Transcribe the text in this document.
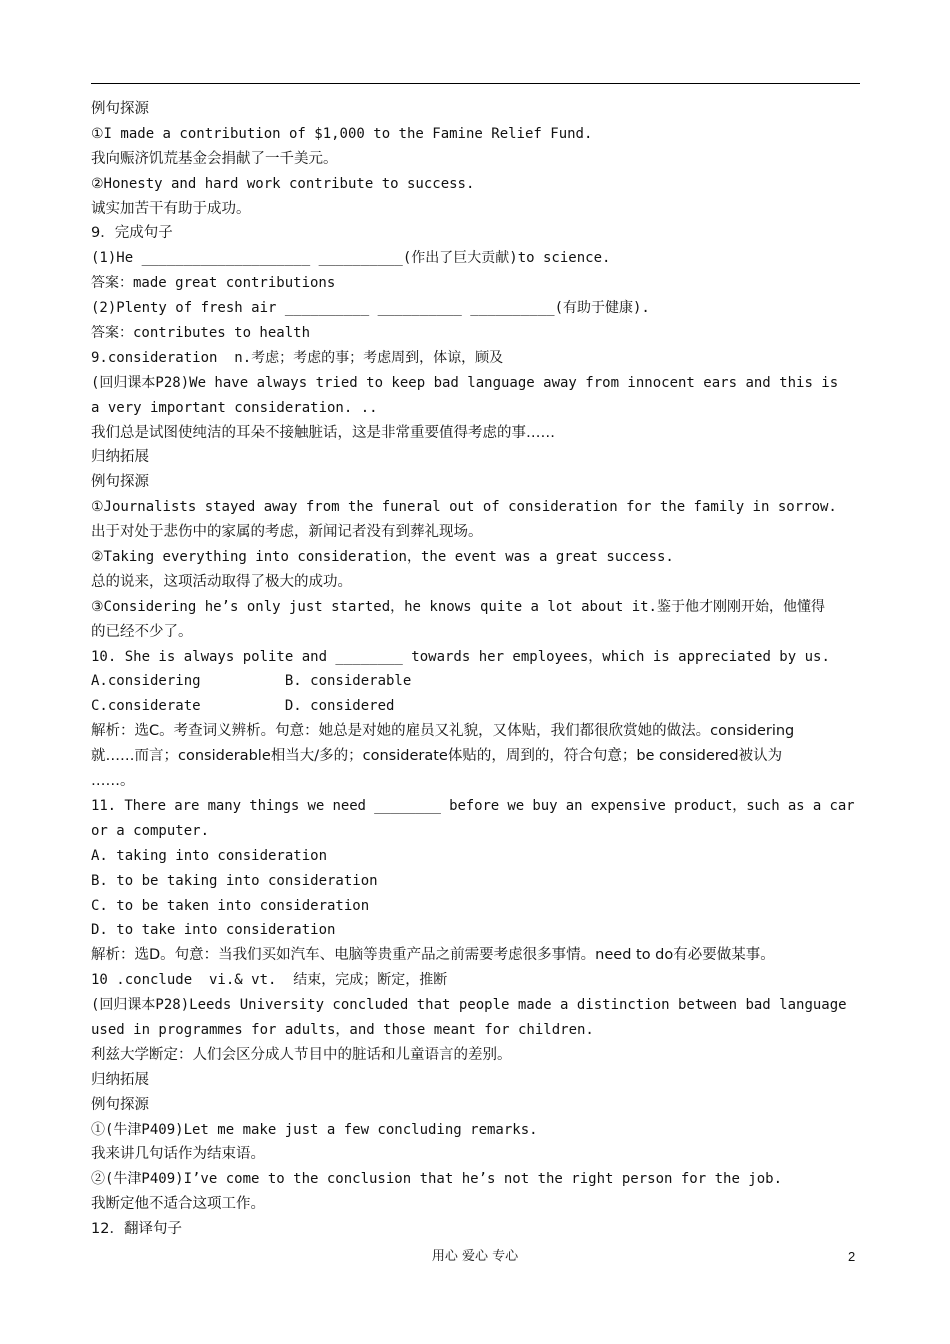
例句探源
①I made a contribution of $1,000 to the Famine Relief Fund.
我向赈济饥荒基金会捐献了一千美元。
②Honesty and hard work contribute to success.
诚实加苦干有助于成功。
9．完成句子
(1)He ____________________ __________(作出了巨大贡献)to science.
答案：made great contributions
(2)Plenty of fresh air __________ __________ __________(有助于健康).
答案：contributes to health
9.consideration  n.考虑；考虑的事；考虑周到，体谅，顾及
(回归课本P28)We have always tried to keep bad language away from innocent ears and this is
a very important consideration. ..
我们总是试图使纯洁的耳朵不接触脏话，这是非常重要值得考虑的事……
归纳拓展
例句探源
①Journalists stayed away from the funeral out of consideration for the family in sorrow.
出于对处于悲伤中的家属的考虑，新闻记者没有到葬礼现场。
②Taking everything into consideration，the event was a great success.
总的说来，这项活动取得了极大的成功。
③Considering he’s only just started，he knows quite a lot about it.鉴于他才刚刚开始，他懂得
的已经不少了。
10. She is always polite and ________ towards her employees，which is appreciated by us.
A.considering          B. considerable
C.considerate          D. considered
解析：选C。考查词义辨析。句意：她总是对她的雇员又礼貌，又体贴，我们都很欣赏她的做法。considering
就……而言；considerable相当大/多的；considerate体贴的，周到的，符合句意；be considered被认为
……。
11. There are many things we need ________ before we buy an expensive product，such as a car
or a computer.
A. taking into consideration
B. to be taking into consideration
C. to be taken into consideration
D. to take into consideration
解析：选D。句意：当我们买如汽车、电脑等贵重产品之前需要考虑很多事情。need to do有必要做某事。
10 .conclude  vi.& vt.  结束，完成；断定，推断
(回归课本P28)Leeds University concluded that people made a distinction between bad language
used in programmes for adults，and those meant for children.
利兹大学断定：人们会区分成人节目中的脏话和儿童语言的差别。
归纳拓展
例句探源
①(牛津P409)Let me make just a few concluding remarks.
我来讲几句话作为结束语。
②(牛津P409)I’ve come to the conclusion that he’s not the right person for the job.
我断定他不适合这项工作。
12．翻译句子
用心 爱心 专心	2
